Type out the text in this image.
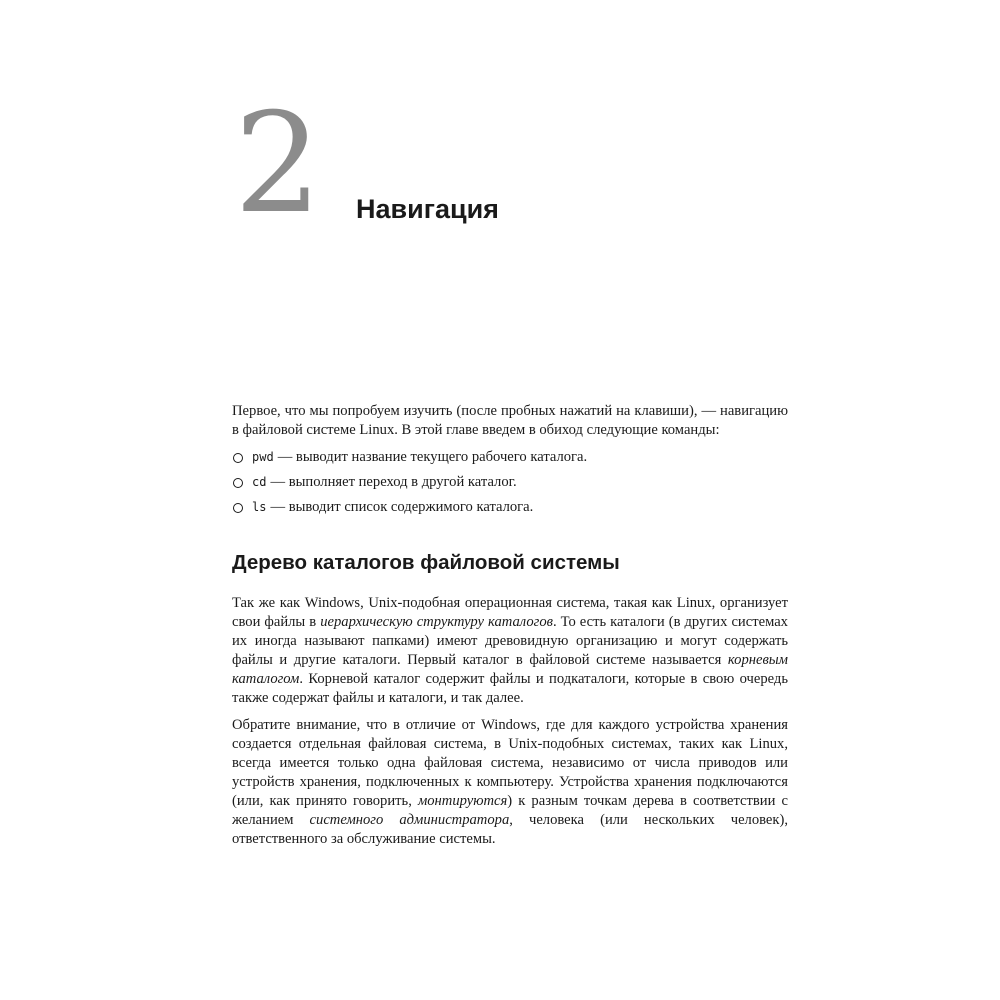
2 Навигация

Первое, что мы попробуем изучить (после пробных нажатий на клавиши), — навигацию в файловой системе Linux. В этой главе введем в обиход следующие команды:

pwd — выводит название текущего рабочего каталога.
cd — выполняет переход в другой каталог.
ls — выводит список содержимого каталога.
Дерево каталогов файловой системы

Так же как Windows, Unix-подобная операционная система, такая как Linux, организует свои файлы в иерархическую структуру каталогов. То есть каталоги (в других системах их иногда называют папками) имеют древовидную организацию и могут содержать файлы и другие каталоги. Первый каталог в файловой системе называется корневым каталогом. Корневой каталог содержит файлы и подкаталоги, которые в свою очередь также содержат файлы и каталоги, и так далее.

Обратите внимание, что в отличие от Windows, где для каждого устройства хранения создается отдельная файловая система, в Unix-подобных системах, таких как Linux, всегда имеется только одна файловая система, независимо от числа приводов или устройств хранения, подключенных к компьютеру. Устройства хранения подключаются (или, как принято говорить, монтируются) к разным точкам дерева в соответствии с желанием системного администратора, человека (или нескольких человек), ответственного за обслуживание системы.
